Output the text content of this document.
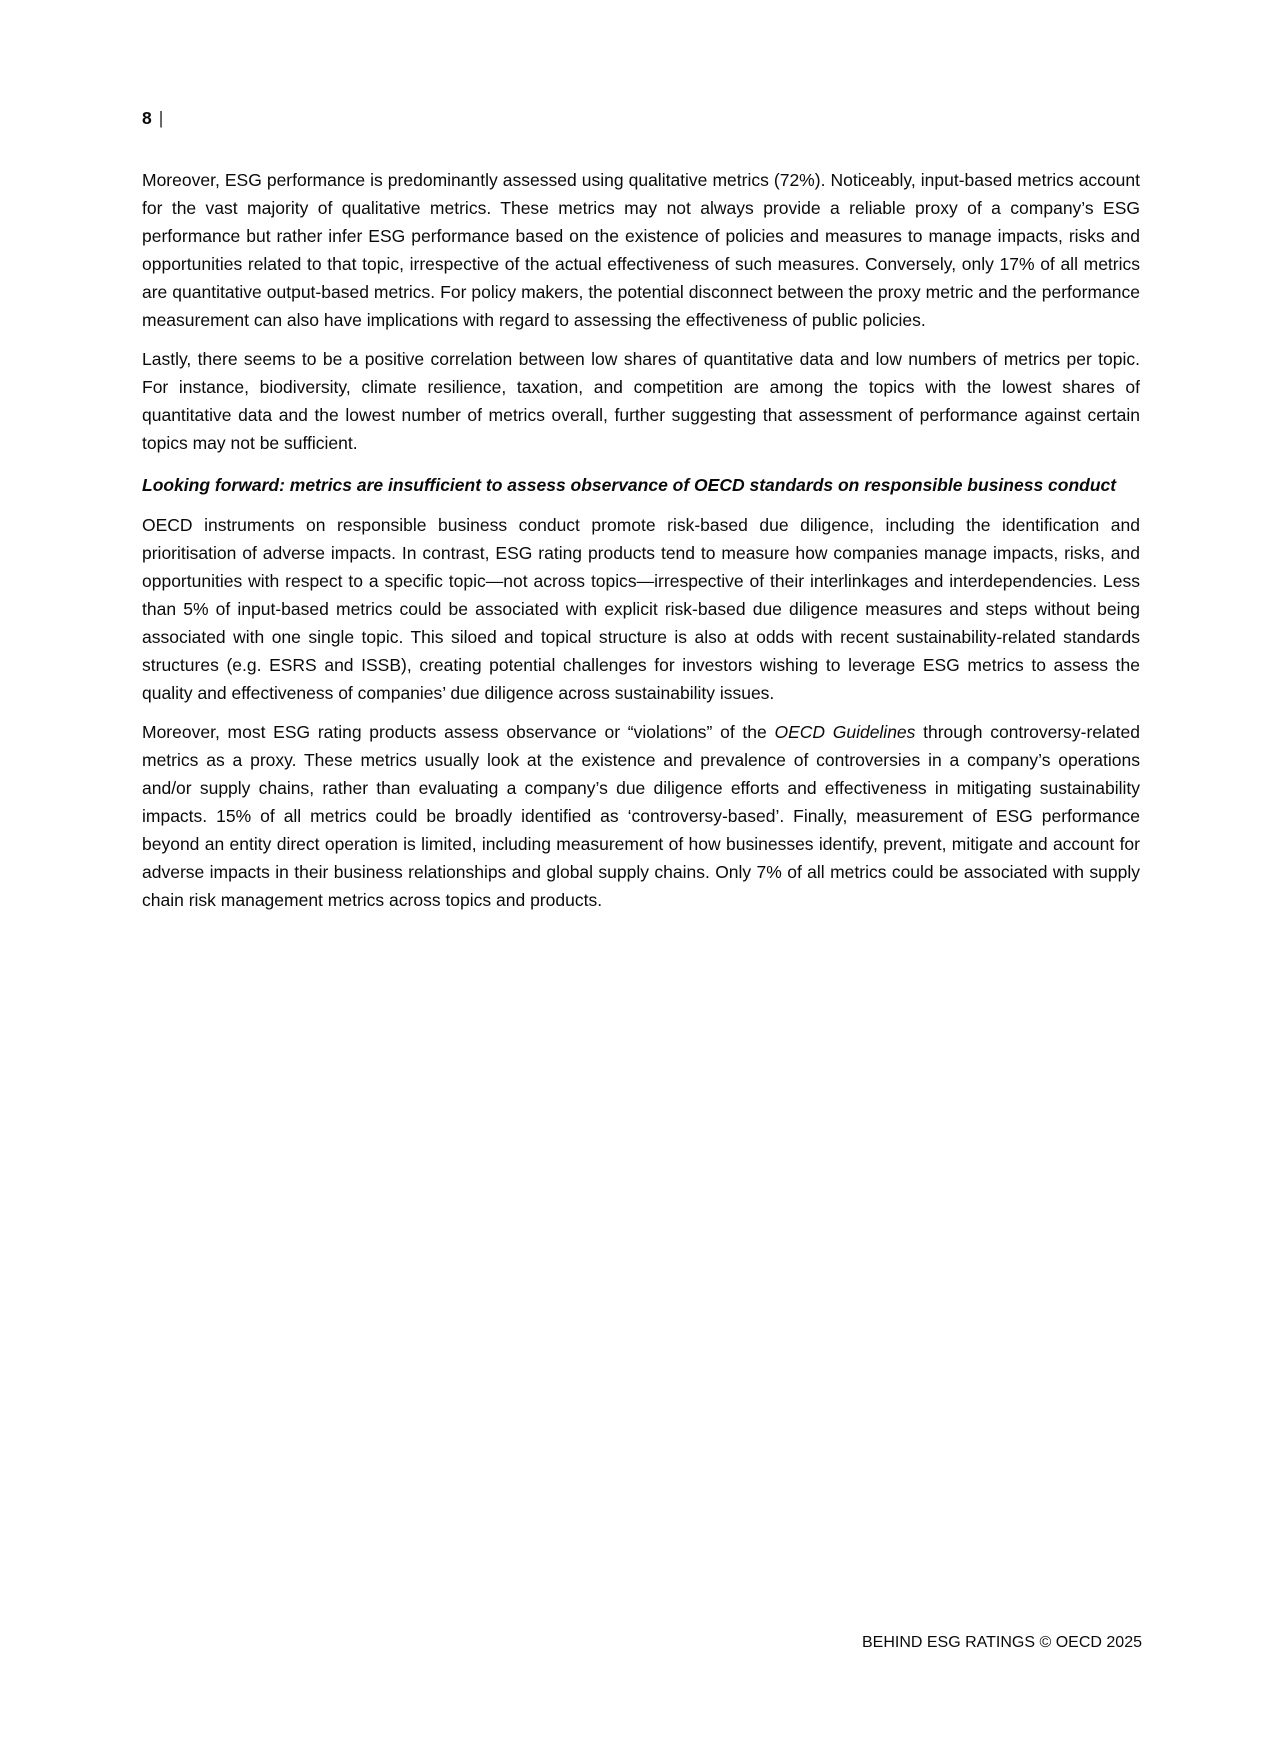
8 |

Moreover, ESG performance is predominantly assessed using qualitative metrics (72%). Noticeably, input-based metrics account for the vast majority of qualitative metrics. These metrics may not always provide a reliable proxy of a company’s ESG performance but rather infer ESG performance based on the existence of policies and measures to manage impacts, risks and opportunities related to that topic, irrespective of the actual effectiveness of such measures. Conversely, only 17% of all metrics are quantitative output-based metrics. For policy makers, the potential disconnect between the proxy metric and the performance measurement can also have implications with regard to assessing the effectiveness of public policies.

Lastly, there seems to be a positive correlation between low shares of quantitative data and low numbers of metrics per topic. For instance, biodiversity, climate resilience, taxation, and competition are among the topics with the lowest shares of quantitative data and the lowest number of metrics overall, further suggesting that assessment of performance against certain topics may not be sufficient.

Looking forward: metrics are insufficient to assess observance of OECD standards on responsible business conduct

OECD instruments on responsible business conduct promote risk-based due diligence, including the identification and prioritisation of adverse impacts. In contrast, ESG rating products tend to measure how companies manage impacts, risks, and opportunities with respect to a specific topic—not across topics—irrespective of their interlinkages and interdependencies. Less than 5% of input-based metrics could be associated with explicit risk-based due diligence measures and steps without being associated with one single topic. This siloed and topical structure is also at odds with recent sustainability-related standards structures (e.g. ESRS and ISSB), creating potential challenges for investors wishing to leverage ESG metrics to assess the quality and effectiveness of companies’ due diligence across sustainability issues.

Moreover, most ESG rating products assess observance or “violations” of the OECD Guidelines through controversy-related metrics as a proxy. These metrics usually look at the existence and prevalence of controversies in a company’s operations and/or supply chains, rather than evaluating a company’s due diligence efforts and effectiveness in mitigating sustainability impacts. 15% of all metrics could be broadly identified as ‘controversy-based’. Finally, measurement of ESG performance beyond an entity direct operation is limited, including measurement of how businesses identify, prevent, mitigate and account for adverse impacts in their business relationships and global supply chains. Only 7% of all metrics could be associated with supply chain risk management metrics across topics and products.

BEHIND ESG RATINGS © OECD 2025
